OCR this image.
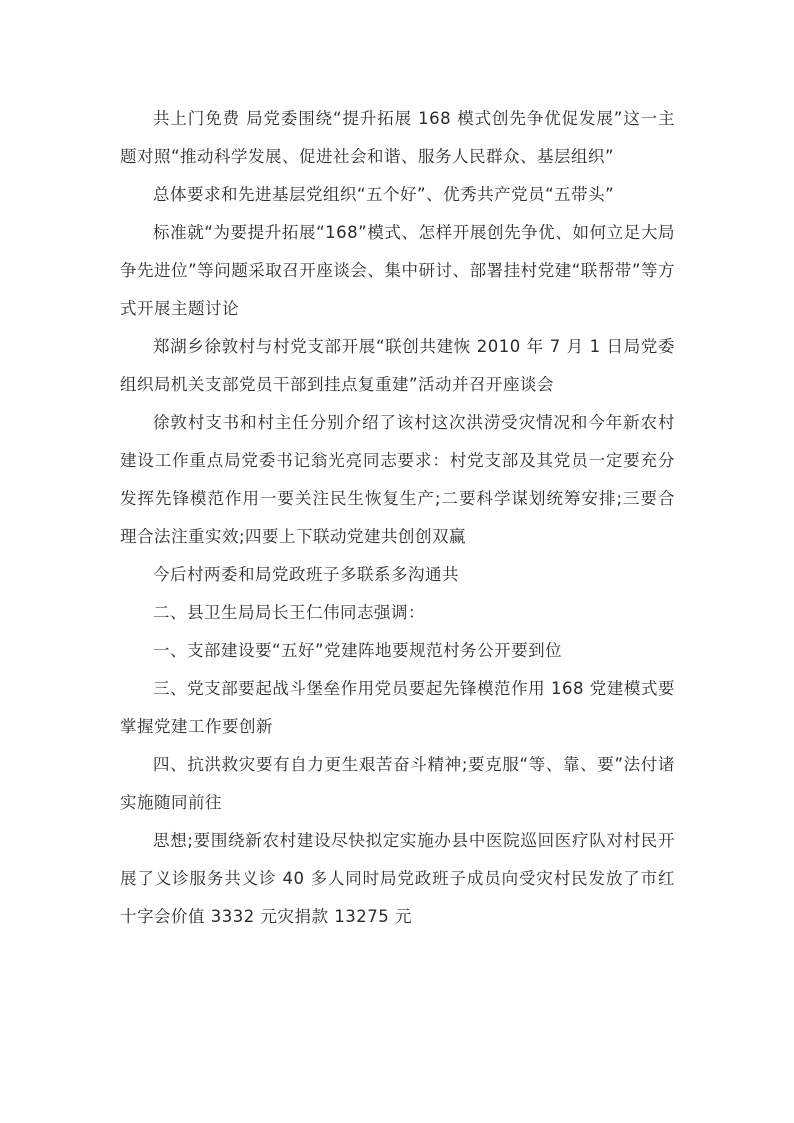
共上门免费 局党委围绕“提升拓展 168 模式创先争优促发展”这一主题对照“推动科学发展、促进社会和谐、服务人民群众、基层组织”

总体要求和先进基层党组织“五个好”、优秀共产党员“五带头”

标准就“为要提升拓展“168”模式、怎样开展创先争优、如何立足大局争先进位”等问题采取召开座谈会、集中研讨、部署挂村党建“联帮带”等方式开展主题讨论

郑湖乡徐敦村与村党支部开展“联创共建恢 2010 年 7 月 1 日局党委组织局机关支部党员干部到挂点复重建”活动并召开座谈会

徐敦村支书和村主任分别介绍了该村这次洪涝受灾情况和今年新农村建设工作重点局党委书记翁光亮同志要求：村党支部及其党员一定要充分发挥先锋模范作用一要关注民生恢复生产;二要科学谋划统筹安排;三要合理合法注重实效;四要上下联动党建共创创双赢

今后村两委和局党政班子多联系多沟通共

二、县卫生局局长王仁伟同志强调：

一、支部建设要“五好”党建阵地要规范村务公开要到位

三、党支部要起战斗堡垒作用党员要起先锋模范作用 168 党建模式要掌握党建工作要创新

四、抗洪救灾要有自力更生艰苦奋斗精神;要克服“等、靠、要”法付诸实施随同前往

思想;要围绕新农村建设尽快拟定实施办县中医院巡回医疗队对村民开展了义诊服务共义诊 40 多人同时局党政班子成员向受灾村民发放了市红十字会价值 3332 元灾捐款 13275 元
